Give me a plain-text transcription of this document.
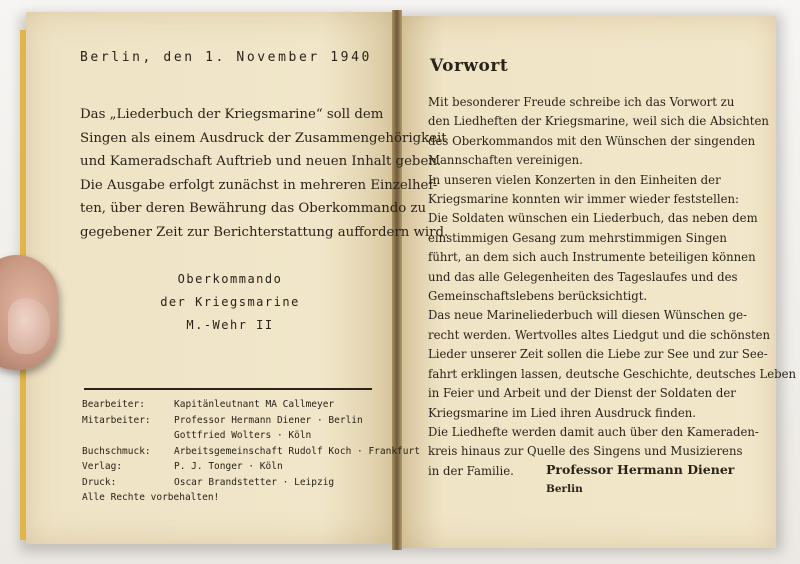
Berlin, den 1. November 1940
Das „Liederbuch der Kriegsmarine“ soll dem
Singen als einem Ausdruck der Zusammengehörigkeit
und Kameradschaft Auftrieb und neuen Inhalt geben.
Die Ausgabe erfolgt zunächst in mehreren Einzelhef-
ten, über deren Bewährung das Oberkommando zu
gegebener Zeit zur Berichterstattung auffordern wird.
Oberkommando
der Kriegsmarine
M.-Wehr II
Bearbeiter:	Kapitänleutnant MA Callmeyer
Mitarbeiter:	Professor Hermann Diener · Berlin
Gottfried Wolters · Köln
Buchschmuck:	Arbeitsgemeinschaft Rudolf Koch · Frankfurt
Verlag:	P. J. Tonger · Köln
Druck:	Oscar Brandstetter · Leipzig
Alle Rechte vorbehalten!
Vorwort
Mit besonderer Freude schreibe ich das Vorwort zu
den Liedheften der Kriegsmarine, weil sich die Absichten
des Oberkommandos mit den Wünschen der singenden
Mannschaften vereinigen.
In unseren vielen Konzerten in den Einheiten der
Kriegsmarine konnten wir immer wieder feststellen:
Die Soldaten wünschen ein Liederbuch, das neben dem
einstimmigen Gesang zum mehrstimmigen Singen
führt, an dem sich auch Instrumente beteiligen können
und das alle Gelegenheiten des Tageslaufes und des
Gemeinschaftslebens berücksichtigt.
Das neue Marineliederbuch will diesen Wünschen ge-
recht werden. Wertvolles altes Liedgut und die schönsten
Lieder unserer Zeit sollen die Liebe zur See und zur See-
fahrt erklingen lassen, deutsche Geschichte, deutsches Leben
in Feier und Arbeit und der Dienst der Soldaten der
Kriegsmarine im Lied ihren Ausdruck finden.
Die Liedhefte werden damit auch über den Kameraden-
kreis hinaus zur Quelle des Singens und Musizierens
in der Familie.	Professor Hermann Diener
Berlin
